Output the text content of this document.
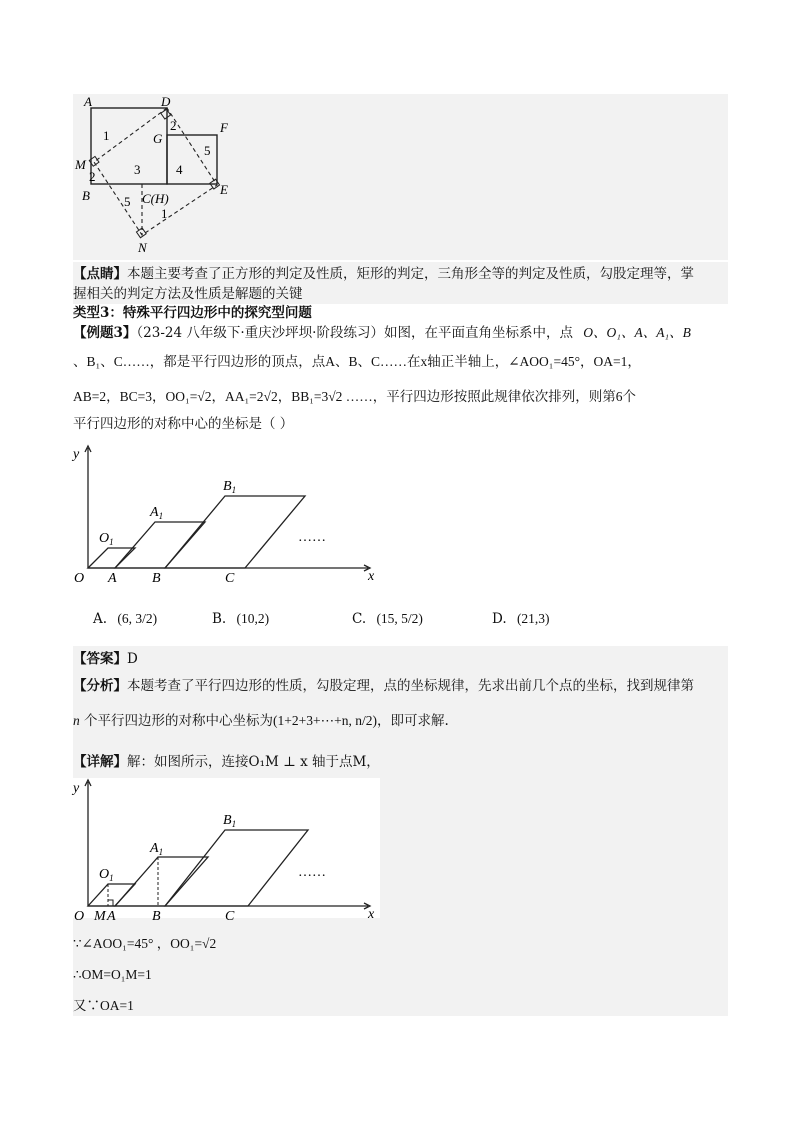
A	D
F
G
M
B	C(H)
E
N
1
2
3	4
5
2
5
1
【点睛】本题主要考查了正方形的判定及性质，矩形的判定，三角形全等的判定及性质，勾股定理等，掌
握相关的判定方法及性质是解题的关键
类型3：特殊平行四边形中的探究型问题
【例题3】（23-24 八年级下·重庆沙坪坝·阶段练习）如图，在平面直角坐标系中，点 O、O₁、A、A₁、B
、B₁、C……，都是平行四边形的顶点，点A、B、C……在x轴正半轴上，∠AOO₁=45°，OA=1，
AB=2，BC=3，OO₁=√2，AA₁=2√2，BB₁=3√2 ……，平行四边形按照此规律依次排列，则第6个
平行四边形的对称中心的坐标是（ ）
y
x
O A	B	C
$O_1$
$A_1$
$B_1$
……
A. (6, 3/2)	B. (10,2)	C. (15, 5/2)	D. (21,3)
【答案】D
【分析】本题考查了平行四边形的性质，勾股定理，点的坐标规律，先求出前几个点的坐标，找到规律第
n 个平行四边形的对称中心坐标为(1+2+3+⋯+n, n/2)，即可求解.
【详解】解：如图所示，连接O₁M ⊥ x 轴于点M，
y
x
O M A	B	C
$O_1$
$A_1$
$B_1$
……
∵∠AOO₁=45° ，OO₁=√2
∴OM=O₁M=1
又∵OA=1
